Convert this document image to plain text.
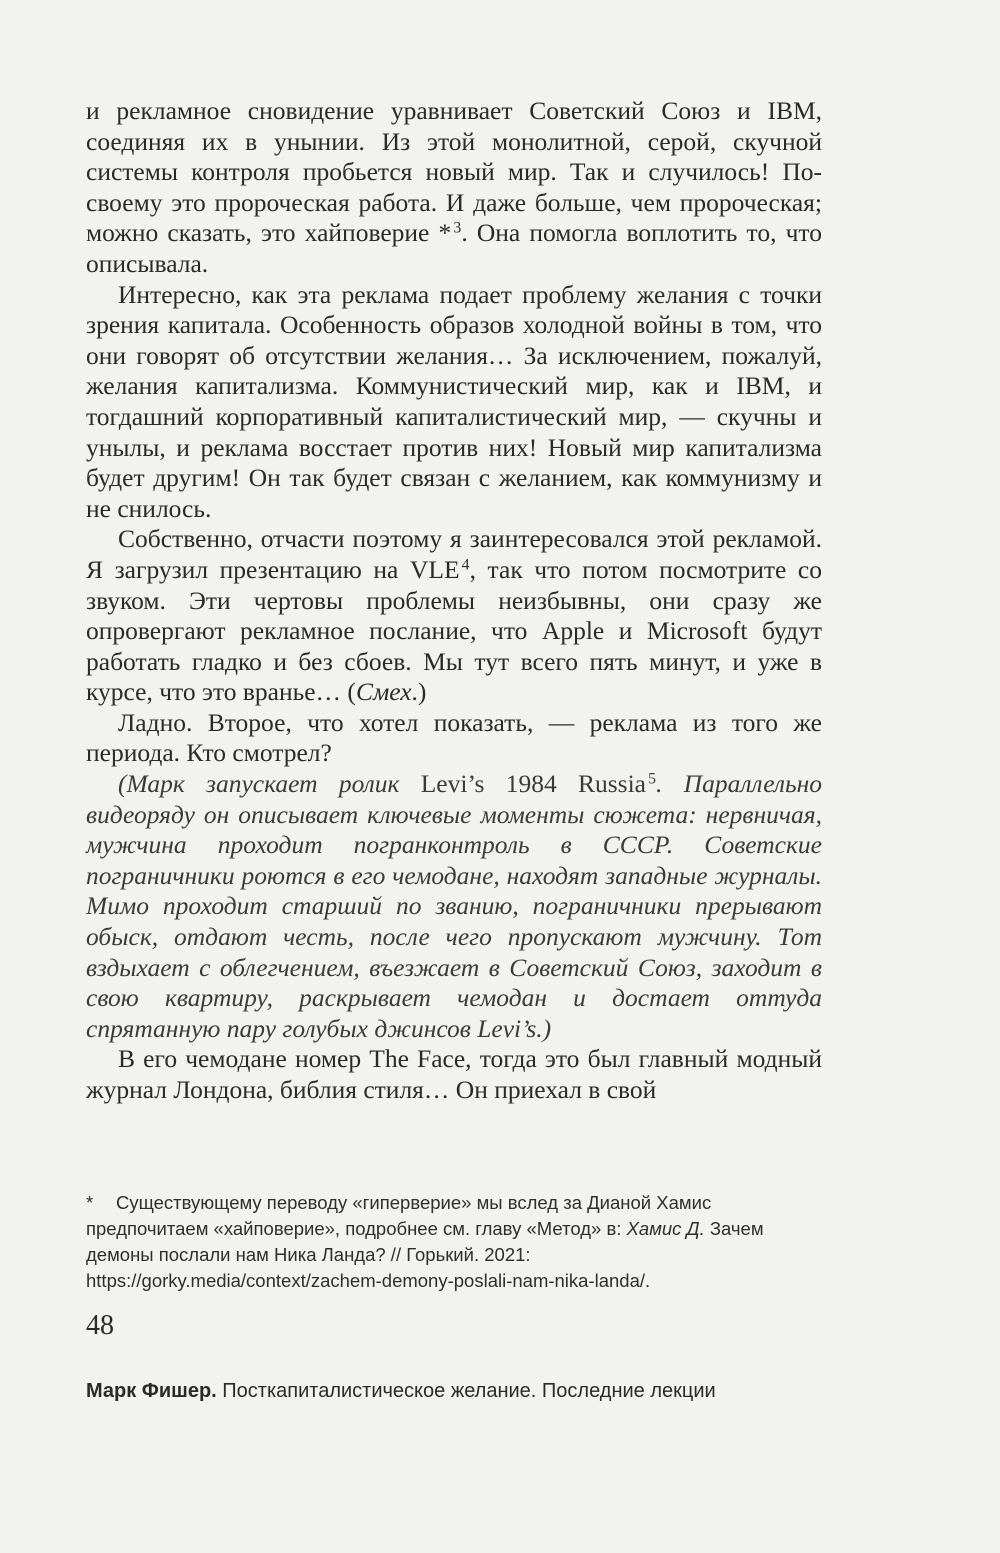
и рекламное сновидение уравнивает Советский Союз и IBM, соединяя их в унынии. Из этой монолитной, серой, скучной системы контроля пробьется новый мир. Так и случилось! По-своему это пророческая работа. И даже больше, чем пророческая; можно сказать, это хайповерие *  $^3$. Она помогла воплотить то, что описывала.

Интересно, как эта реклама подает проблему желания с точки зрения капитала. Особенность образов холодной войны в том, что они говорят об отсутствии желания… За исключением, пожалуй, желания капитализма. Коммунистический мир, как и IBM, и тогдашний корпоративный капиталистический мир, — скучны и унылы, и реклама восстает против них! Новый мир капитализма будет другим! Он так будет связан с желанием, как коммунизму и не снилось.

Собственно, отчасти поэтому я заинтересовался этой рекламой. Я загрузил презентацию на VLE  $^4$, так что потом посмотрите со звуком. Эти чертовы проблемы неизбывны, они сразу же опровергают рекламное послание, что Apple и Microsoft будут работать гладко и без сбоев. Мы тут всего пять минут, и уже в курсе, что это вранье… (Смех.)

Ладно. Второе, что хотел показать, — реклама из того же периода. Кто смотрел?

(Марк запускает ролик Levi’s 1984 Russia  $^5$. Параллельно видеоряду он описывает ключевые моменты сюжета: нервничая, мужчина проходит погранконтроль в СССР. Советские пограничники роются в его чемодане, находят западные журналы. Мимо проходит старший по званию, пограничники прерывают обыск, отдают честь, после чего пропускают мужчину. Тот вздыхает с облегчением, въезжает в Советский Союз, заходит в свою квартиру, раскрывает чемодан и достает оттуда спрятанную пару голубых джинсов Levi’s.)

В его чемодане номер The Face, тогда это был главный модный журнал Лондона, библия стиля… Он приехал в свой

* Существующему переводу «гиперверие» мы вслед за Дианой Хамис предпочитаем «хайповерие», подробнее см. главу «Метод» в: Хамис Д. Зачем демоны послали нам Ника Ланда? // Горький. 2021: https://gorky.media/context/zachem-demony-poslali-nam-nika-landa/.

48
Марк Фишер. Посткапиталистическое желание. Последние лекции
